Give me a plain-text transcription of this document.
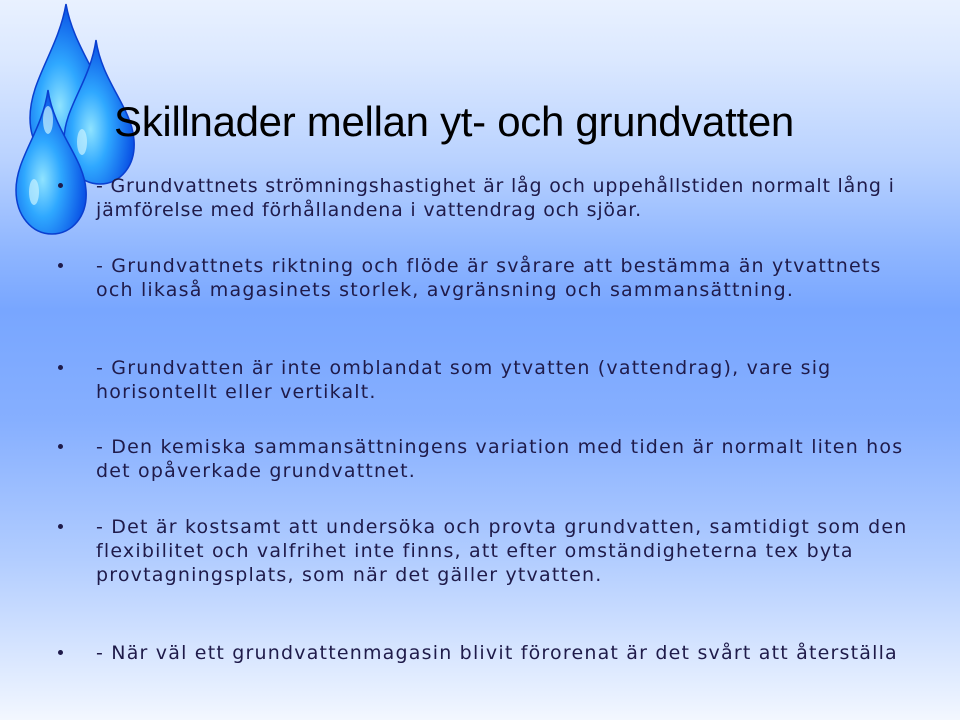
Skillnader mellan yt- och grundvatten
- Grundvattnets strömningshastighet är låg och uppehållstiden normalt lång i jämförelse med förhållandena i vattendrag och sjöar.
- Grundvattnets riktning och flöde är svårare att bestämma än ytvattnets och likaså magasinets storlek, avgränsning och sammansättning.
- Grundvatten är inte omblandat som ytvatten (vattendrag), vare sig horisontellt eller vertikalt.
- Den kemiska sammansättningens variation med tiden är normalt liten hos det opåverkade grundvattnet.
- Det är kostsamt att undersöka och provta grundvatten, samtidigt som den flexibilitet och valfrihet inte finns, att efter omständigheterna tex byta provtagningsplats, som när det gäller ytvatten.
- När väl ett grundvattenmagasin blivit förorenat är det svårt att återställa
